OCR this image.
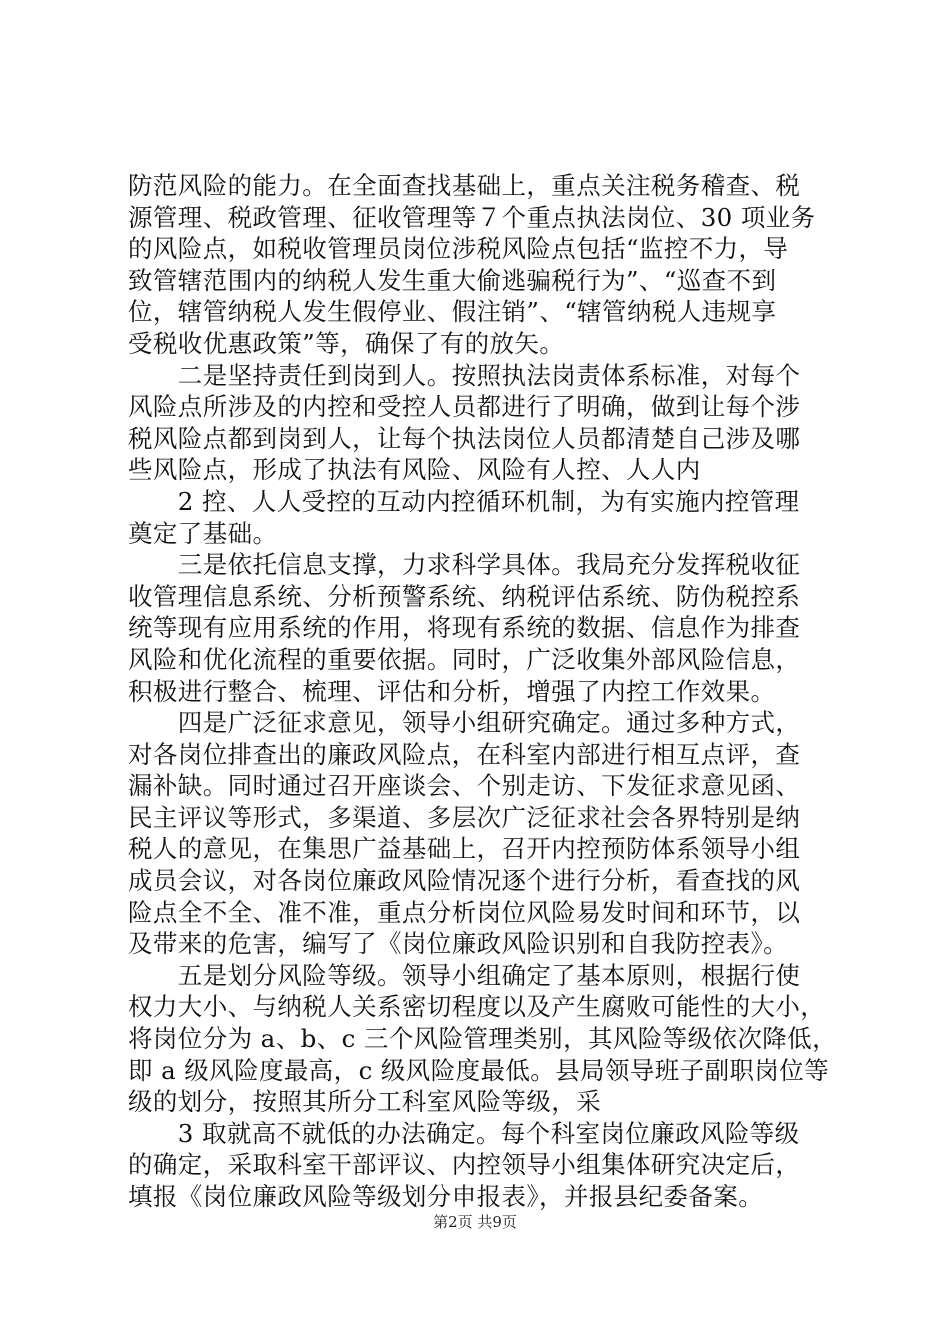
防范风险的能力。在全面查找基础上，重点关注税务稽查、税
源管理、税政管理、征收管理等７个重点执法岗位、30 项业务
的风险点，如税收管理员岗位涉税风险点包括“监控不力，导
致管辖范围内的纳税人发生重大偷逃骗税行为”、“巡查不到
位，辖管纳税人发生假停业、假注销”、“辖管纳税人违规享
受税收优惠政策”等，确保了有的放矢。
　　二是坚持责任到岗到人。按照执法岗责体系标准，对每个
风险点所涉及的内控和受控人员都进行了明确，做到让每个涉
税风险点都到岗到人，让每个执法岗位人员都清楚自己涉及哪
些风险点，形成了执法有风险、风险有人控、人人内
　　2 控、人人受控的互动内控循环机制，为有实施内控管理
奠定了基础。
　　三是依托信息支撑，力求科学具体。我局充分发挥税收征
收管理信息系统、分析预警系统、纳税评估系统、防伪税控系
统等现有应用系统的作用，将现有系统的数据、信息作为排查
风险和优化流程的重要依据。同时，广泛收集外部风险信息，
积极进行整合、梳理、评估和分析，增强了内控工作效果。
　　四是广泛征求意见，领导小组研究确定。通过多种方式，
对各岗位排查出的廉政风险点，在科室内部进行相互点评，查
漏补缺。同时通过召开座谈会、个别走访、下发征求意见函、
民主评议等形式，多渠道、多层次广泛征求社会各界特别是纳
税人的意见，在集思广益基础上，召开内控预防体系领导小组
成员会议，对各岗位廉政风险情况逐个进行分析，看查找的风
险点全不全、准不准，重点分析岗位风险易发时间和环节，以
及带来的危害，编写了《岗位廉政风险识别和自我防控表》。
　　五是划分风险等级。领导小组确定了基本原则，根据行使
权力大小、与纳税人关系密切程度以及产生腐败可能性的大小，
将岗位分为 a、b、c 三个风险管理类别，其风险等级依次降低，
即 a 级风险度最高，c 级风险度最低。县局领导班子副职岗位等
级的划分，按照其所分工科室风险等级，采
　　3 取就高不就低的办法确定。每个科室岗位廉政风险等级
的确定，采取科室干部评议、内控领导小组集体研究决定后，
填报《岗位廉政风险等级划分申报表》，并报县纪委备案。
第2页 共9页
